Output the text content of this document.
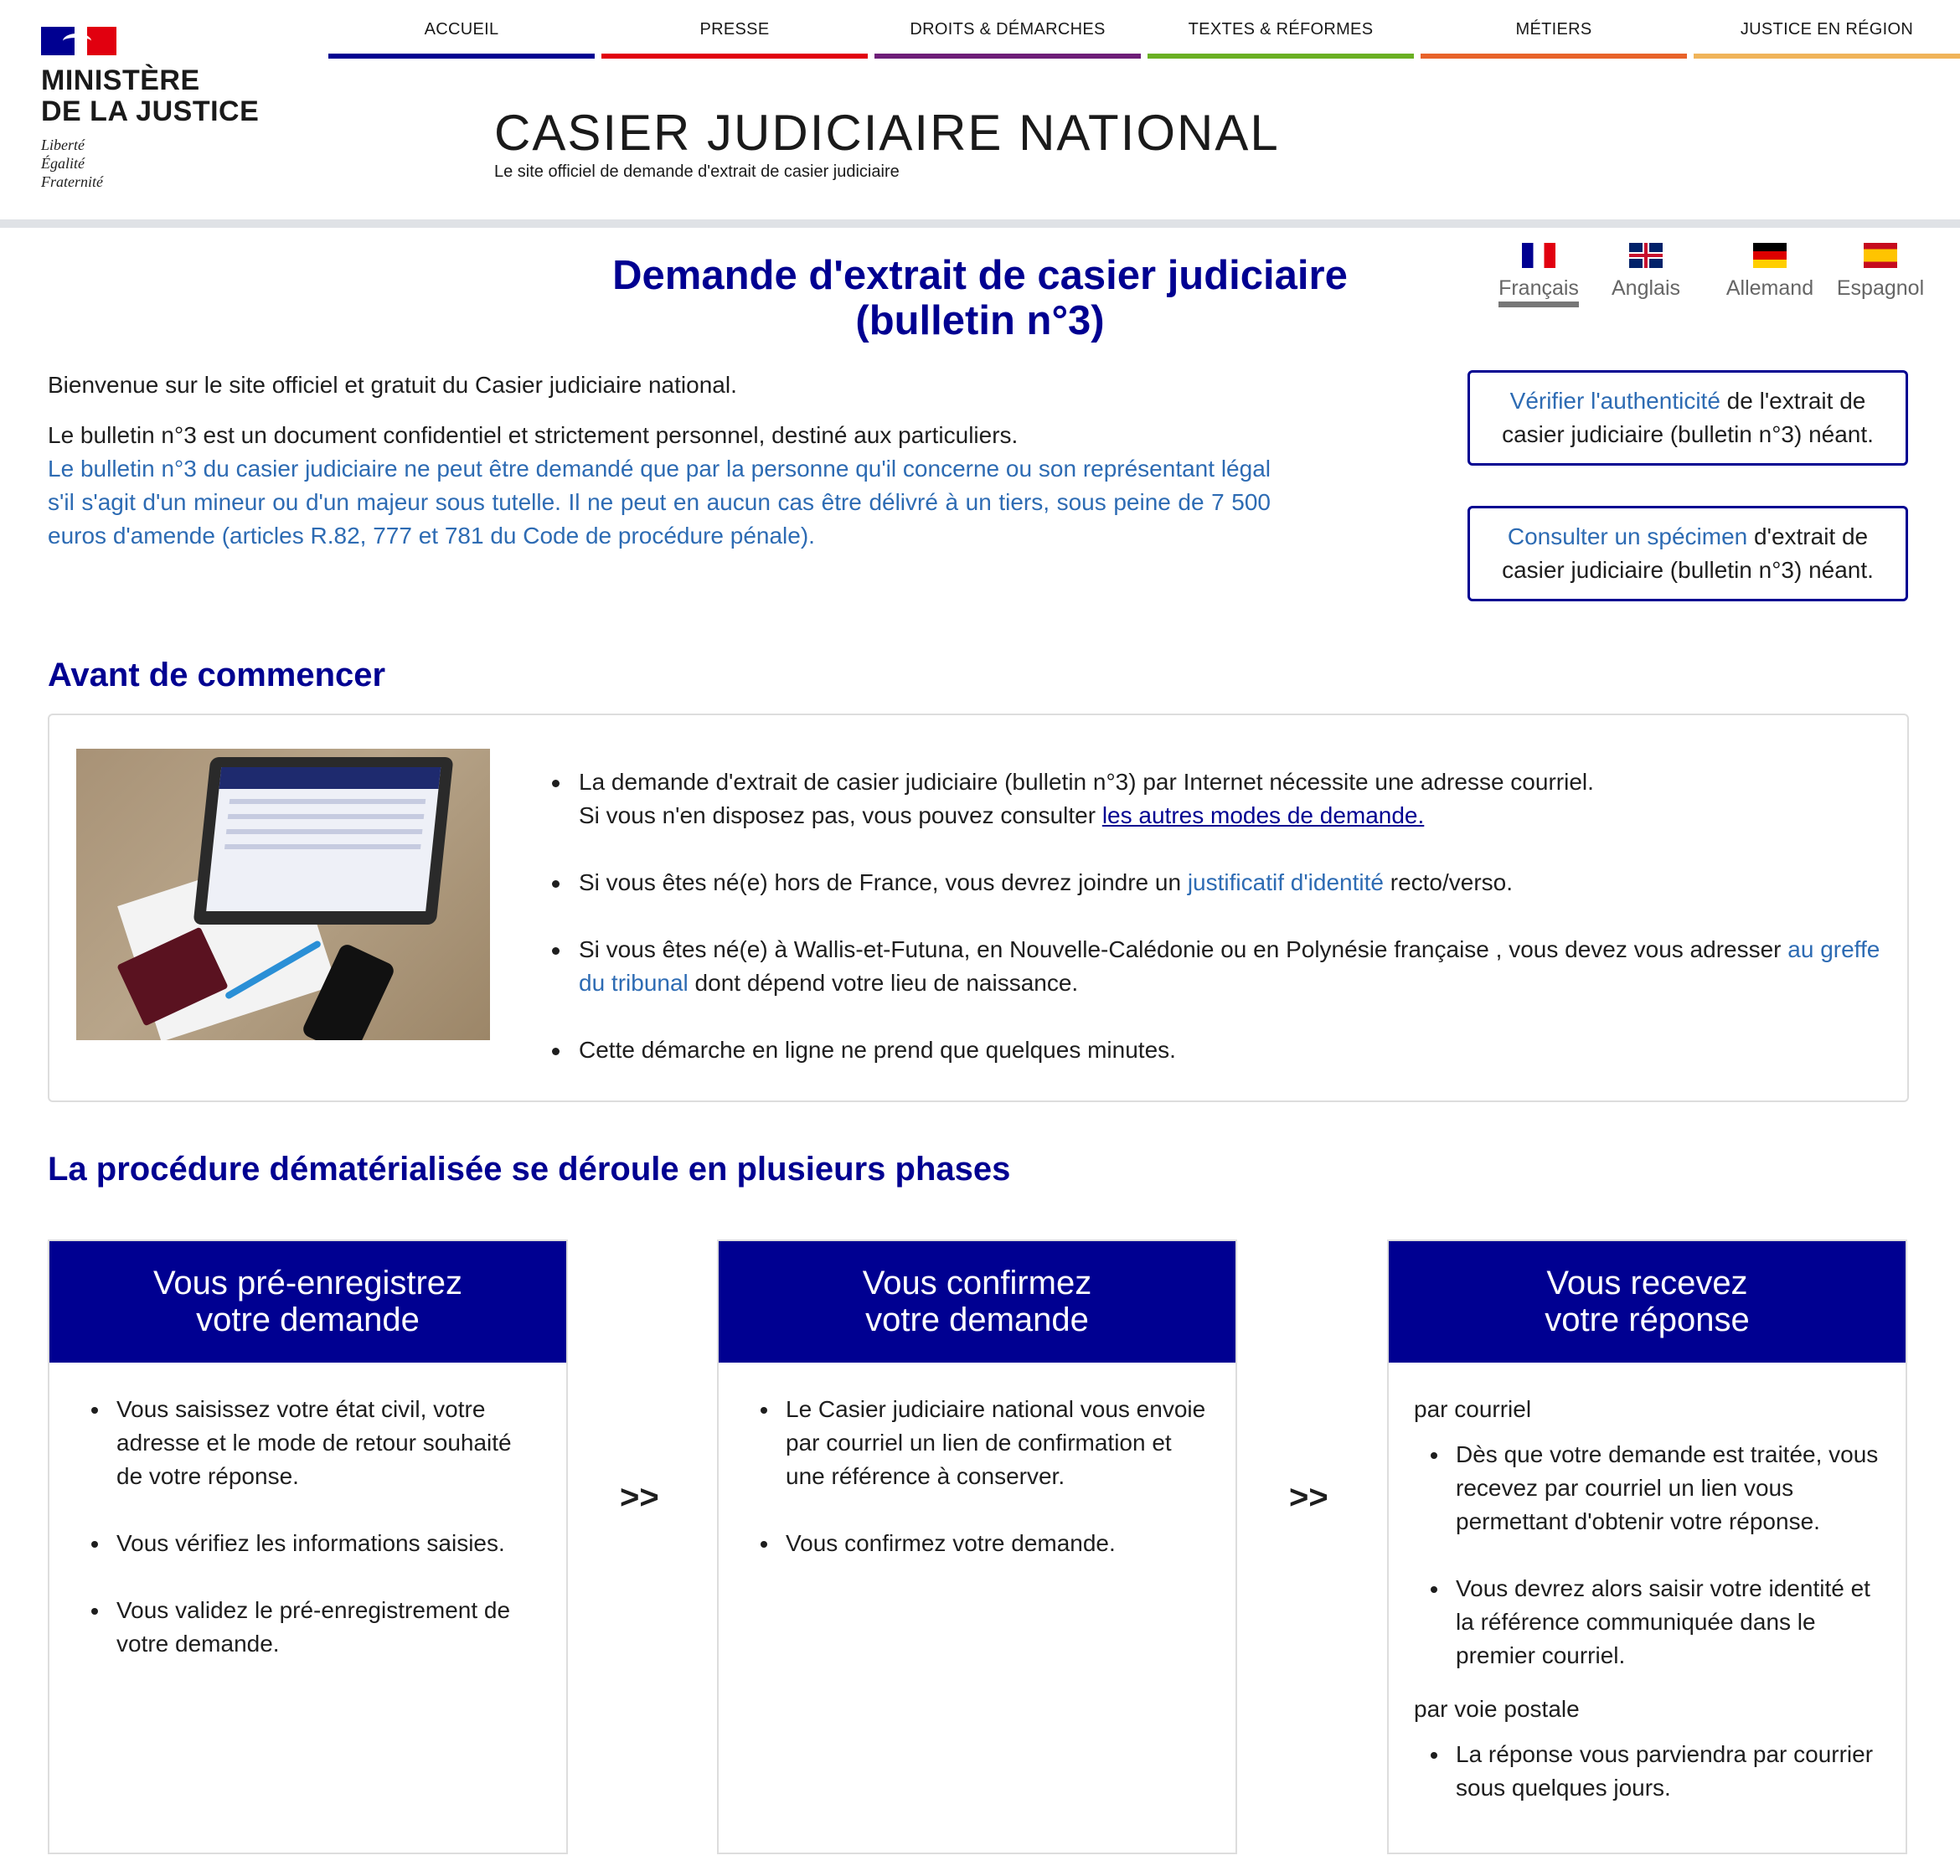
MINISTÈRE
DE LA JUSTICE
Liberté
Égalité
Fraternité
ACCUEIL	PRESSE	DROITS & DÉMARCHES	TEXTES & RÉFORMES	MÉTIERS	JUSTICE EN RÉGION
CASIER JUDICIAIRE NATIONAL
Le site officiel de demande d'extrait de casier judiciaire
Demande d'extrait de casier judiciaire
(bulletin n°3)
Français	Anglais	Allemand	Espagnol

Bienvenue sur le site officiel et gratuit du Casier judiciaire national.

Le bulletin n°3 est un document confidentiel et strictement personnel, destiné aux particuliers.

Le bulletin n°3 du casier judiciaire ne peut être demandé que par la personne qu'il concerne ou son représentant légal s'il s'agit d'un mineur ou d'un majeur sous tutelle. Il ne peut en aucun cas être délivré à un tiers, sous peine de 7 500 euros d'amende (articles R.82, 777 et 781 du Code de procédure pénale).

Vérifier l'authenticité de l'extrait de casier judiciaire (bulletin n°3) néant.
Consulter un spécimen d'extrait de casier judiciaire (bulletin n°3) néant.
Avant de commencer
La demande d'extrait de casier judiciaire (bulletin n°3) par Internet nécessite une adresse courriel.
Si vous n'en disposez pas, vous pouvez consulter les autres modes de demande.
Si vous êtes né(e) hors de France, vous devrez joindre un justificatif d'identité recto/verso.
Si vous êtes né(e) à Wallis-et-Futuna, en Nouvelle-Calédonie ou en Polynésie française , vous devez vous adresser au greffe du tribunal dont dépend votre lieu de naissance.
Cette démarche en ligne ne prend que quelques minutes.
La procédure dématérialisée se déroule en plusieurs phases
Vous pré-enregistrez
votre demande
Vous saisissez votre état civil, votre adresse et le mode de retour souhaité de votre réponse.
Vous vérifiez les informations saisies.
Vous validez le pré-enregistrement de votre demande.
>>
Vous confirmez
votre demande
Le Casier judiciaire national vous envoie par courriel un lien de confirmation et une référence à conserver.
Vous confirmez votre demande.
>>
Vous recevez
votre réponse
par courriel
Dès que votre demande est traitée, vous recevez par courriel un lien vous permettant d'obtenir votre réponse.
Vous devrez alors saisir votre identité et la référence communiquée dans le premier courriel.
par voie postale
La réponse vous parviendra par courrier sous quelques jours.
